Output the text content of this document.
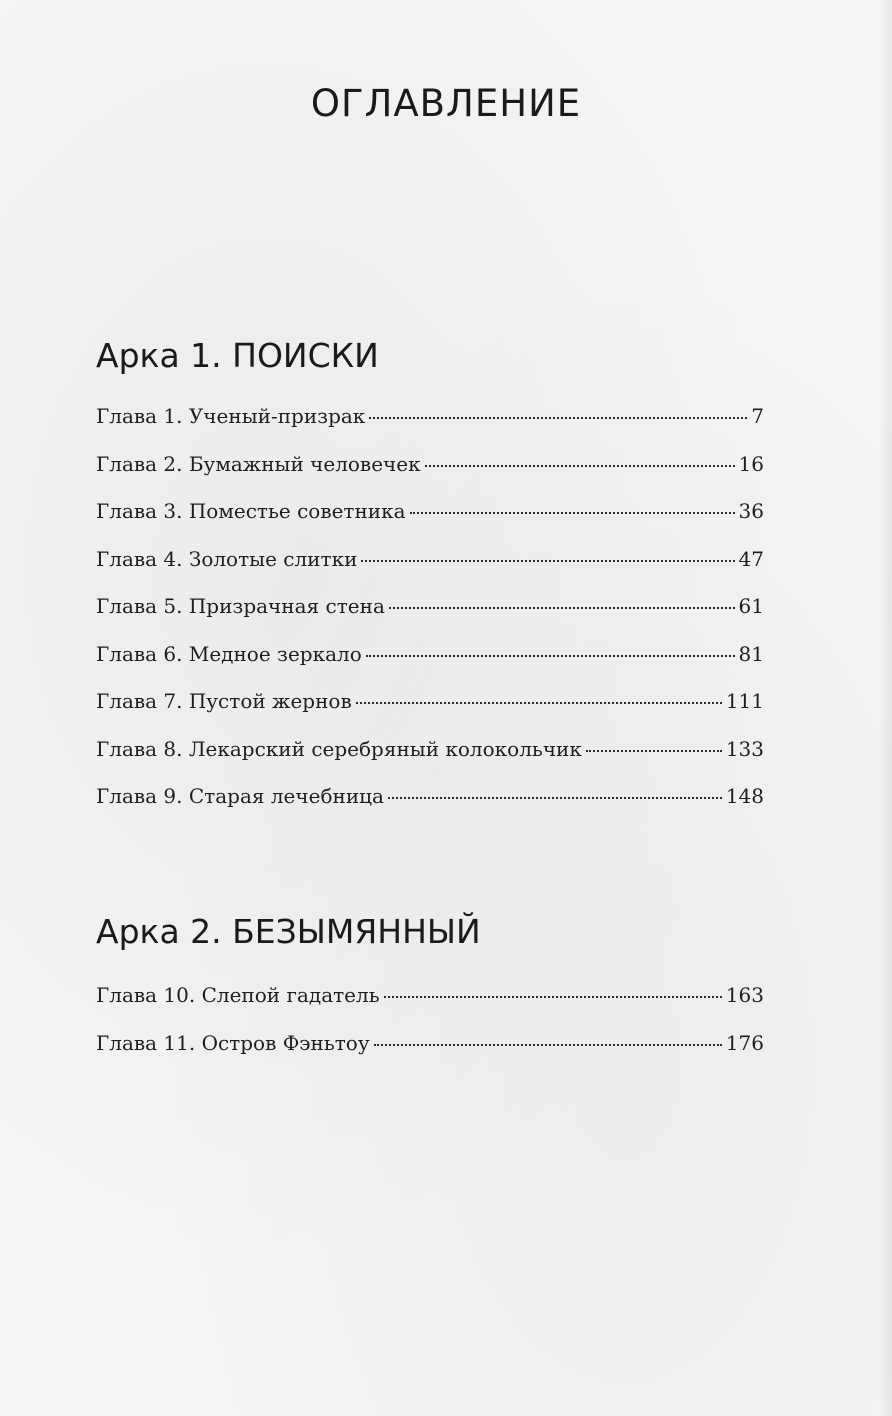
ОГЛАВЛЕНИЕ
Арка 1. ПОИСКИ
Глава 1. Ученый-призрак	7
Глава 2. Бумажный человечек	16
Глава 3. Поместье советника	36
Глава 4. Золотые слитки	47
Глава 5. Призрачная стена	61
Глава 6. Медное зеркало	81
Глава 7. Пустой жернов	111
Глава 8. Лекарский серебряный колокольчик	133
Глава 9. Старая лечебница	148
Арка 2. БЕЗЫМЯННЫЙ
Глава 10. Слепой гадатель	163
Глава 11. Остров Фэньтоу	176
